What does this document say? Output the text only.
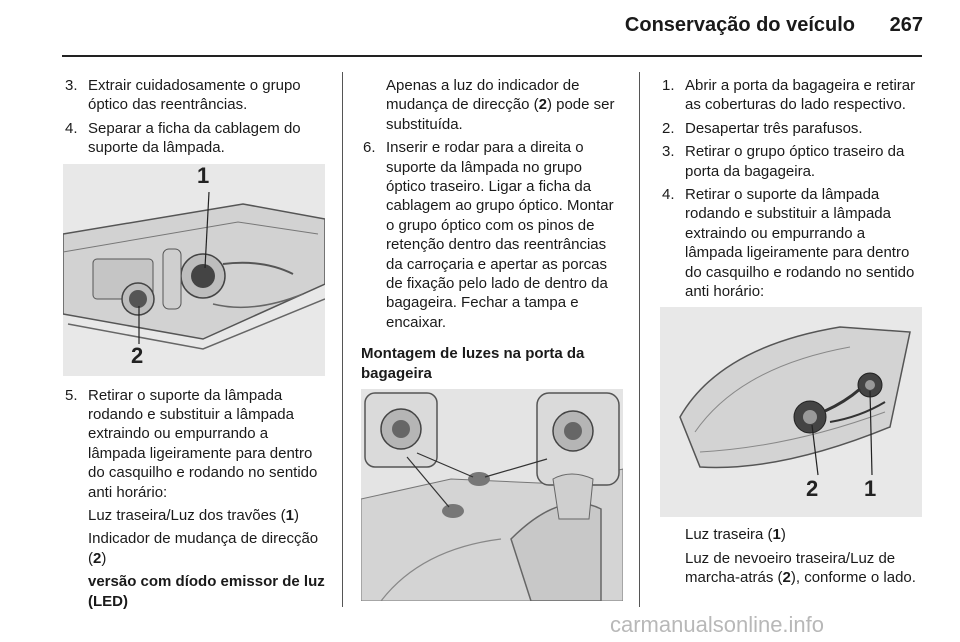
Conservação do veículo	267
3. Extrair cuidadosamente o grupo óptico das reentrâncias.
4. Separar a ficha da cablagem do suporte da lâmpada.
1
2
5. Retirar o suporte da lâmpada rodando e substituir a lâmpada extraindo ou empurrando a lâmpada ligeiramente para dentro do casquilho e rodando no sentido anti horário:
Luz traseira/Luz dos travões (1)
Indicador de mudança de direcção (2)
versão com díodo emissor de luz (LED)
Apenas a luz do indicador de mudança de direcção (2) pode ser substituída.
6. Inserir e rodar para a direita o suporte da lâmpada no grupo óptico traseiro. Ligar a ficha da cablagem ao grupo óptico. Montar o grupo óptico com os pinos de retenção dentro das reentrâncias da carroçaria e apertar as porcas de fixação pelo lado de dentro da bagageira. Fechar a tampa e encaixar.
Montagem de luzes na porta da bagageira
1. Abrir a porta da bagageira e retirar as coberturas do lado respectivo.
2. Desapertar três parafusos.
3. Retirar o grupo óptico traseiro da porta da bagageira.
4. Retirar o suporte da lâmpada rodando e substituir a lâmpada extraindo ou empurrando a lâmpada ligeiramente para dentro do casquilho e rodando no sentido anti horário:
2 1
Luz traseira (1)
Luz de nevoeiro traseira/Luz de marcha-atrás (2), conforme o lado.
carmanualsonline.info
